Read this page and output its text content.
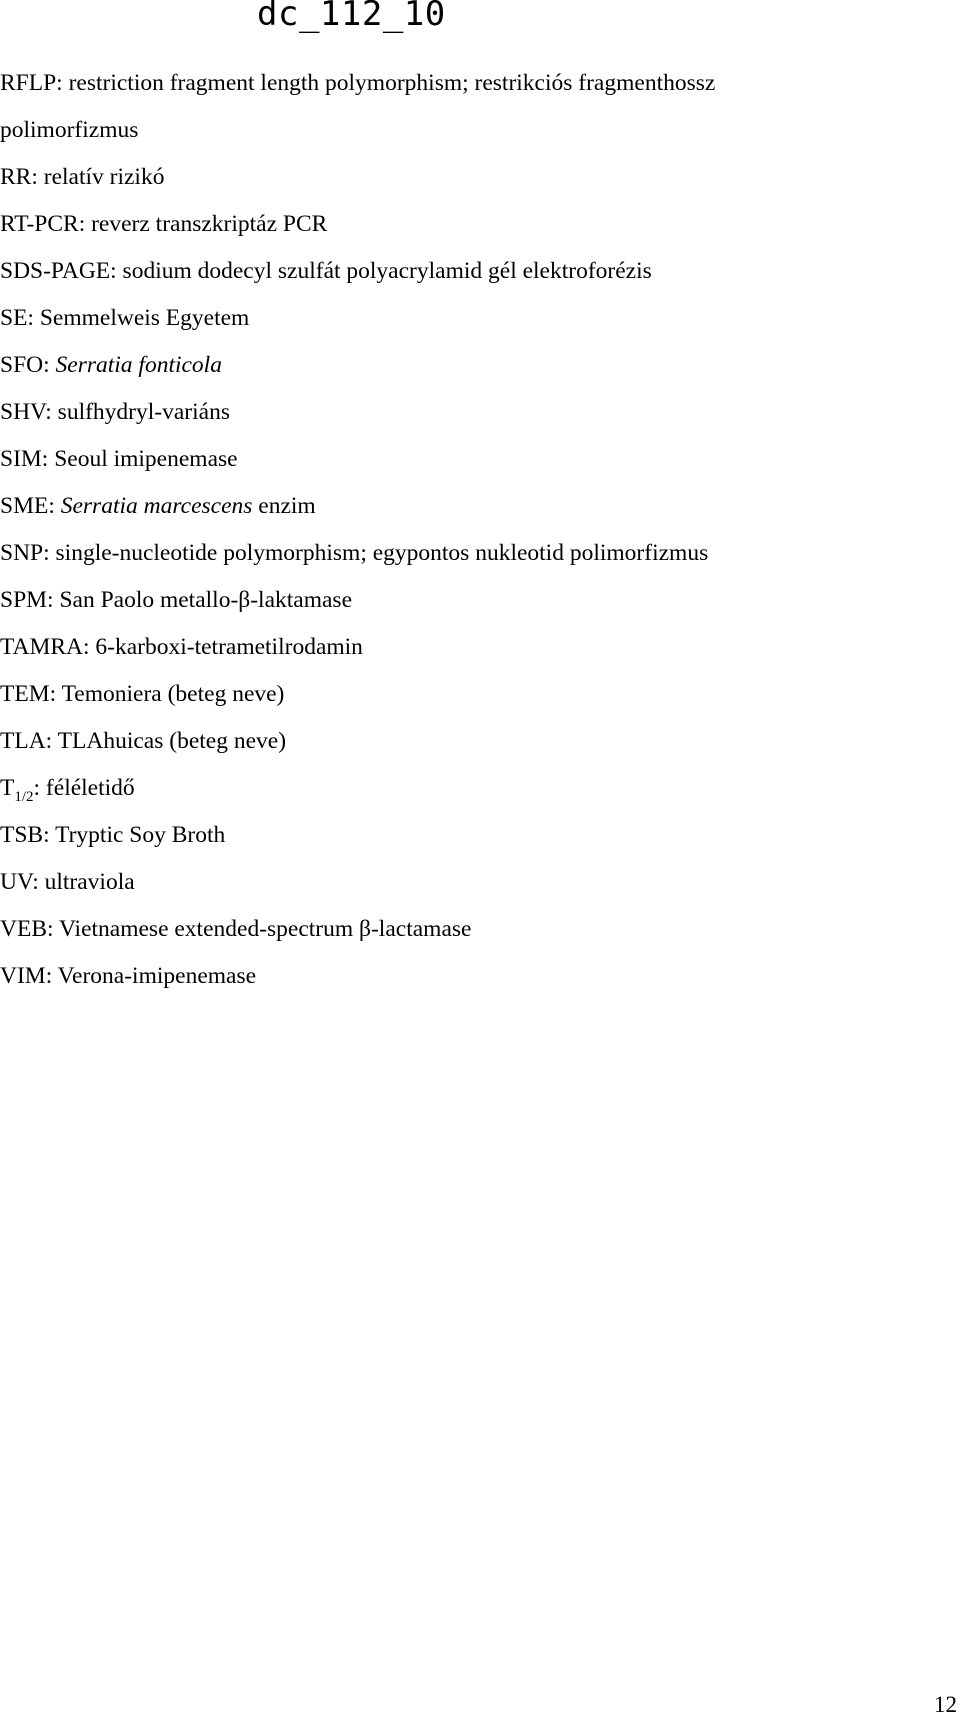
dc_112_10
RFLP: restriction fragment length polymorphism; restrikciós fragmenthossz
polimorfizmus
RR: relatív rizikó
RT-PCR: reverz transzkriptáz PCR
SDS-PAGE: sodium dodecyl szulfát polyacrylamid gél elektroforézis
SE: Semmelweis Egyetem
SFO: Serratia fonticola
SHV: sulfhydryl-variáns
SIM: Seoul imipenemase
SME: Serratia marcescens enzim
SNP: single-nucleotide polymorphism; egypontos nukleotid polimorfizmus
SPM: San Paolo metallo-β-laktamase
TAMRA: 6-karboxi-tetrametilrodamin
TEM: Temoniera (beteg neve)
TLA: TLAhuicas (beteg neve)
$T_{1/2}$: féléletidő
TSB: Tryptic Soy Broth
UV: ultraviola
VEB: Vietnamese extended-spectrum β-lactamase
VIM: Verona-imipenemase
12
